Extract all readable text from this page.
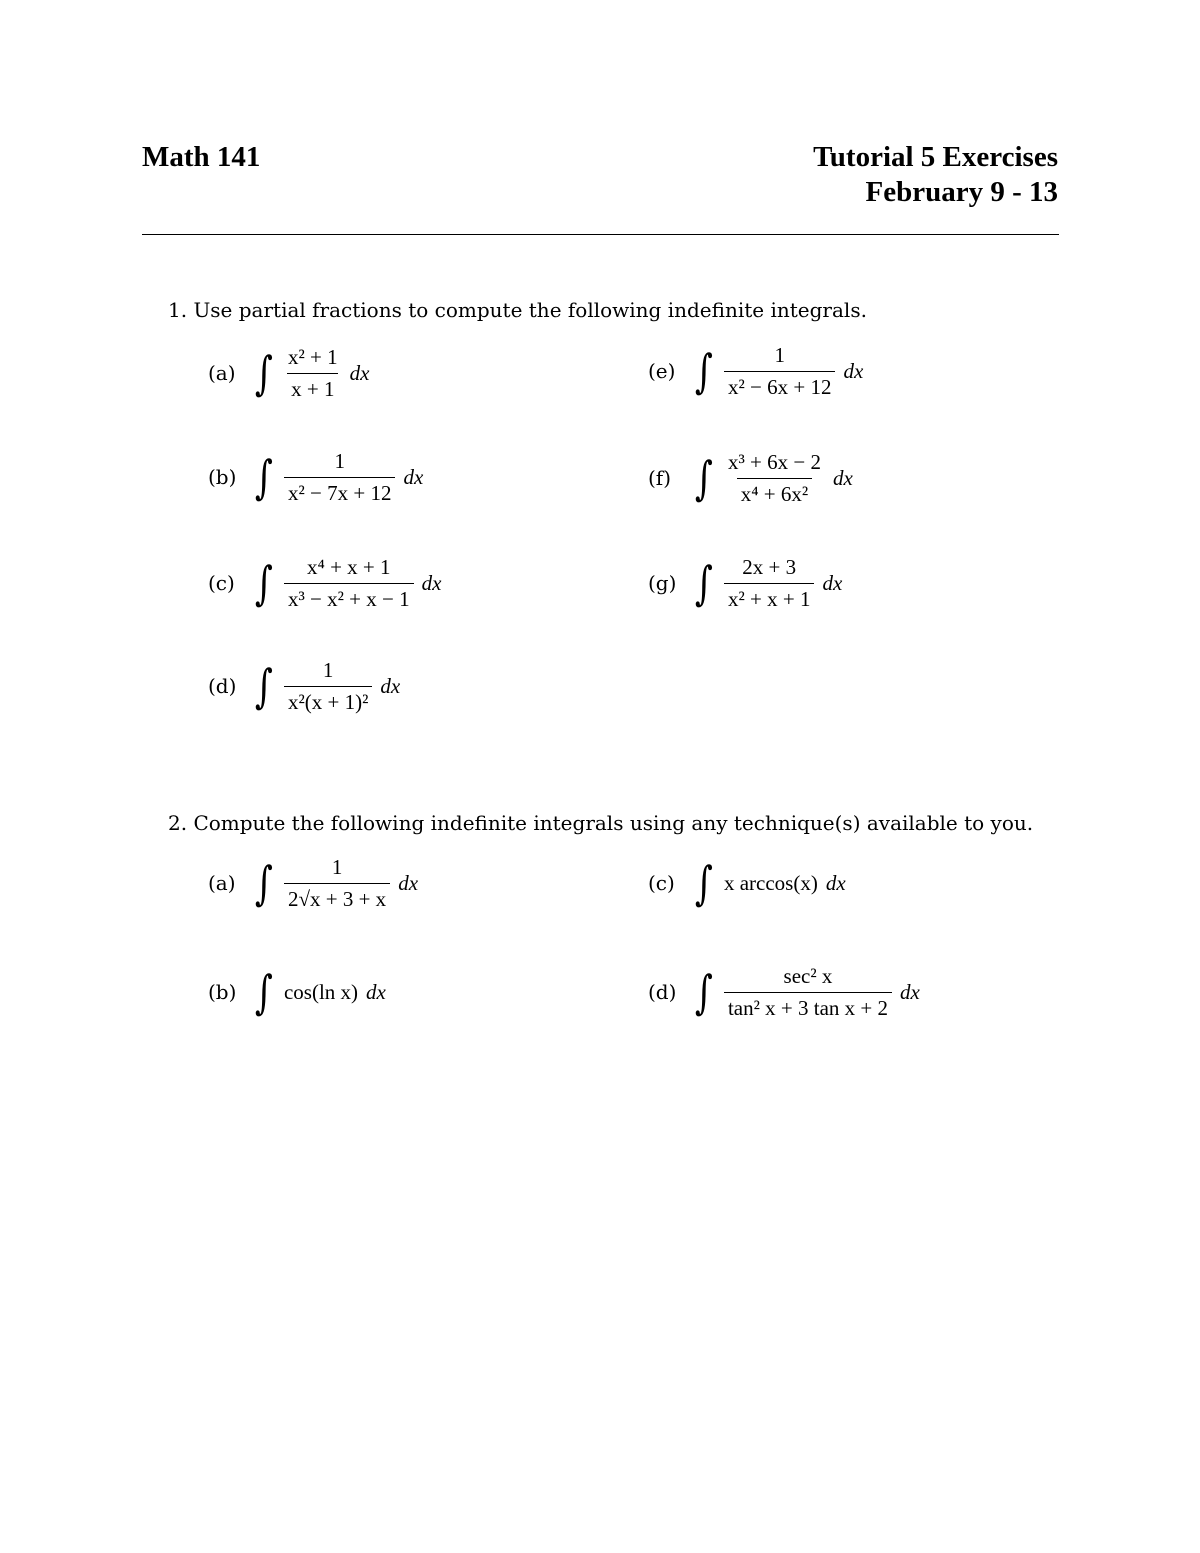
Math 141	Tutorial 5 Exercises
February 9 - 13
1. Use partial fractions to compute the following indefinite integrals.
(a) ∫ $\frac{\text{x² + 1}}{x + 1}$ dx
(b) ∫ $\frac{1}{\text{x² − 7x + 12}}$ dx
(c) ∫ $\frac{\text{x⁴ + x + 1}}{\text{x³ − x² + x − 1}}$ dx
(d) ∫ $\frac{1}{\text{x²(x + 1)²}}$ dx
(e) ∫ $\frac{1}{\text{x² − 6x + 12}}$ dx
(f) ∫ $\frac{\text{x³ + 6x − 2}}{\text{x⁴ + 6x²}}$ dx
(g) ∫ $\frac{2x + 3}{\text{x² + x + 1}}$ dx
2. Compute the following indefinite integrals using any technique(s) available to you.
(a) ∫ $\frac{1}{2√x + 3 + x}$ dx
(b) ∫ cos(ln x) dx
(c) ∫ x arccos(x) dx
(d) ∫ $\frac{\text{sec² x}}{\text{tan² x + 3 tan x + 2}}$ dx
